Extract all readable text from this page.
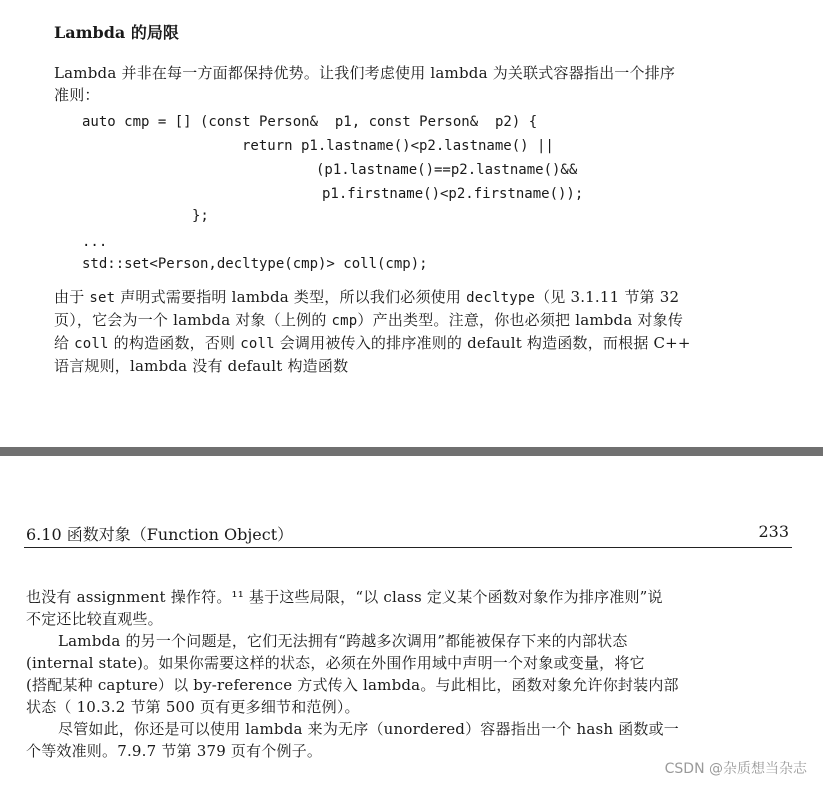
Lambda 的局限
Lambda 并非在每一方面都保持优势。让我们考虑使用 lambda 为关联式容器指出一个排序
准则：
auto cmp = [] (const Person&  p1, const Person&  p2) {
return p1.lastname()<p2.lastname() ||
(p1.lastname()==p2.lastname()&&
p1.firstname()<p2.firstname());
};
...
std::set<Person,decltype(cmp)> coll(cmp);
由于 set 声明式需要指明 lambda 类型，所以我们必须使用 decltype（见 3.1.11 节第 32
页），它会为一个 lambda 对象（上例的 cmp）产出类型。注意，你也必须把 lambda 对象传
给 coll 的构造函数，否则 coll 会调用被传入的排序准则的 default 构造函数，而根据 C++
语言规则，lambda 没有 default 构造函数
6.10 函数对象（Function Object）	233
也没有 assignment 操作符。¹¹ 基于这些局限，“以 class 定义某个函数对象作为排序准则”说
不定还比较直观些。
Lambda 的另一个问题是，它们无法拥有“跨越多次调用”都能被保存下来的内部状态
(internal state)。如果你需要这样的状态，必须在外围作用域中声明一个对象或变量，将它
(搭配某种 capture）以 by-reference 方式传入 lambda。与此相比，函数对象允许你封装内部
状态（ 10.3.2 节第 500 页有更多细节和范例）。
尽管如此，你还是可以使用 lambda 来为无序（unordered）容器指出一个 hash 函数或一
个等效准则。7.9.7 节第 379 页有个例子。
CSDN @杂质想当杂志
